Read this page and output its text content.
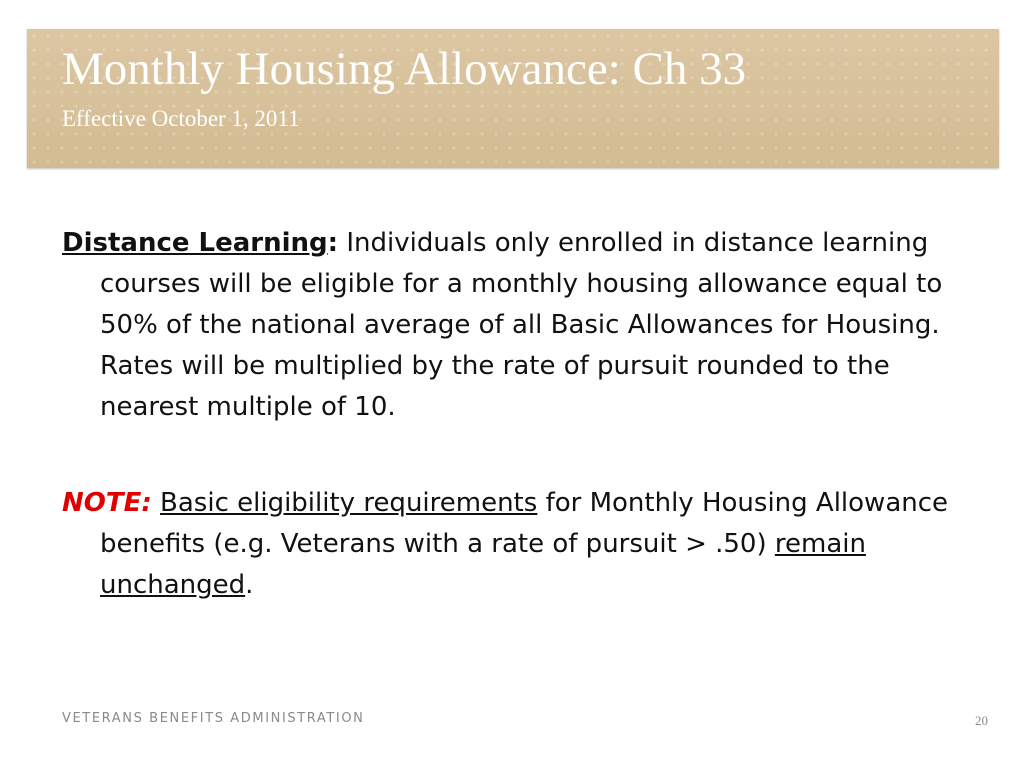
Monthly Housing Allowance: Ch 33
Effective October 1, 2011

Distance Learning: Individuals only enrolled in distance learning courses will be eligible for a monthly housing allowance equal to 50% of the national average of all Basic Allowances for Housing. Rates will be multiplied by the rate of pursuit rounded to the nearest multiple of 10.

NOTE: Basic eligibility requirements for Monthly Housing Allowance benefits (e.g. Veterans with a rate of pursuit > .50) remain unchanged.

VETERANS BENEFITS ADMINISTRATION	20
